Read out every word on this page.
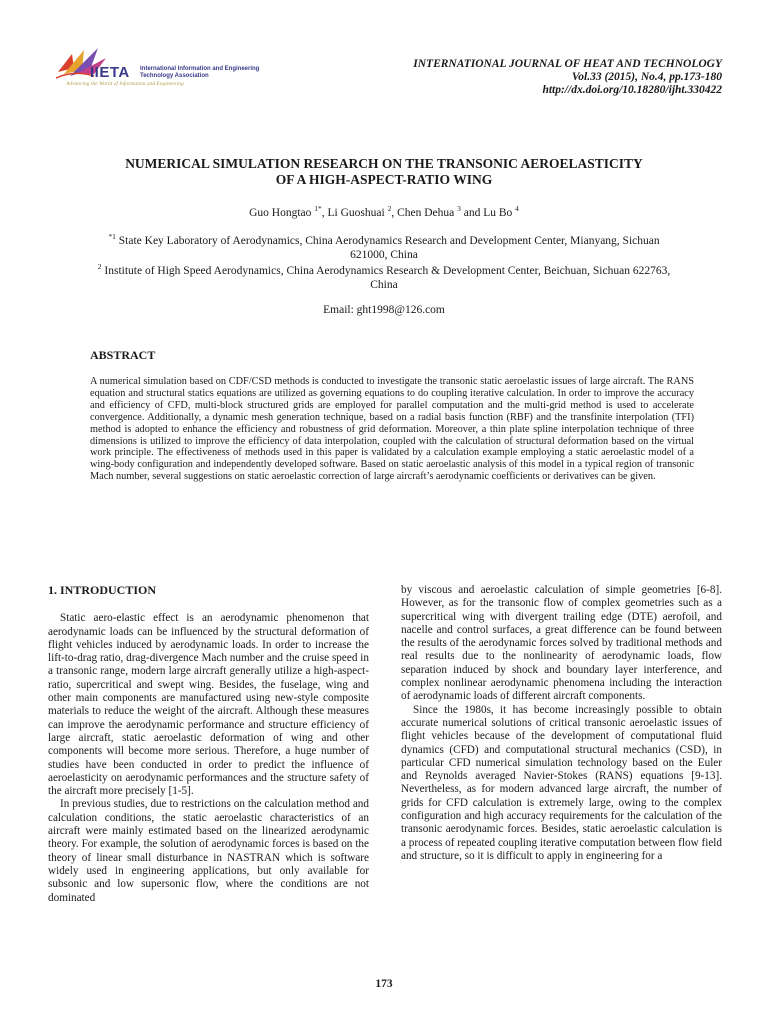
IIETA International Information and Engineering Technology Association
Advancing the World of Information and Engineering
INTERNATIONAL JOURNAL OF HEAT AND TECHNOLOGY
Vol.33 (2015), No.4, pp.173-180
http://dx.doi.org/10.18280/ijht.330422
NUMERICAL SIMULATION RESEARCH ON THE TRANSONIC AEROELASTICITY
OF A HIGH-ASPECT-RATIO WING
Guo Hongtao $^{1*}$, Li Guoshuai $^2$, Chen Dehua $^3$ and Lu Bo $^4$

$^{*1}$ State Key Laboratory of Aerodynamics, China Aerodynamics Research and Development Center, Mianyang, Sichuan 621000, China

$^2$ Institute of High Speed Aerodynamics, China Aerodynamics Research & Development Center, Beichuan, Sichuan 622763, China

Email: ght1998@126.com
ABSTRACT

A numerical simulation based on CDF/CSD methods is conducted to investigate the transonic static aeroelastic issues of large aircraft. The RANS equation and structural statics equations are utilized as governing equations to do coupling iterative calculation. In order to improve the accuracy and efficiency of CFD, multi-block structured grids are employed for parallel computation and the multi-grid method is used to accelerate convergence. Additionally, a dynamic mesh generation technique, based on a radial basis function (RBF) and the transfinite interpolation (TFI) method is adopted to enhance the efficiency and robustness of grid deformation. Moreover, a thin plate spline interpolation technique of three dimensions is utilized to improve the efficiency of data interpolation, coupled with the calculation of structural deformation based on the virtual work principle. The effectiveness of methods used in this paper is validated by a calculation example employing a static aeroelastic model of a wing-body configuration and independently developed software. Based on static aeroelastic analysis of this model in a typical region of transonic Mach number, several suggestions on static aeroelastic correction of large aircraft’s aerodynamic coefficients or derivatives can be given.

1. INTRODUCTION

Static aero-elastic effect is an aerodynamic phenomenon that aerodynamic loads can be influenced by the structural deformation of flight vehicles induced by aerodynamic loads. In order to increase the lift-to-drag ratio, drag-divergence Mach number and the cruise speed in a transonic range, modern large aircraft generally utilize a high-aspect-ratio, supercritical and swept wing. Besides, the fuselage, wing and other main components are manufactured using new-style composite materials to reduce the weight of the aircraft. Although these measures can improve the aerodynamic performance and structure efficiency of large aircraft, static aeroelastic deformation of wing and other components will become more serious. Therefore, a huge number of studies have been conducted in order to predict the influence of aeroelasticity on aerodynamic performances and the structure safety of the aircraft more precisely [1-5].

In previous studies, due to restrictions on the calculation method and calculation conditions, the static aeroelastic characteristics of an aircraft were mainly estimated based on the linearized aerodynamic theory. For example, the solution of aerodynamic forces is based on the theory of linear small disturbance in NASTRAN which is software widely used in engineering applications, but only available for subsonic and low supersonic flow, where the conditions are not dominated

by viscous and aeroelastic calculation of simple geometries [6-8]. However, as for the transonic flow of complex geometries such as a supercritical wing with divergent trailing edge (DTE) aerofoil, and nacelle and control surfaces, a great difference can be found between the results of the aerodynamic forces solved by traditional methods and real results due to the nonlinearity of aerodynamic loads, flow separation induced by shock and boundary layer interference, and complex nonlinear aerodynamic phenomena including the interaction of aerodynamic loads of different aircraft components.

Since the 1980s, it has become increasingly possible to obtain accurate numerical solutions of critical transonic aeroelastic issues of flight vehicles because of the development of computational fluid dynamics (CFD) and computational structural mechanics (CSD), in particular CFD numerical simulation technology based on the Euler and Reynolds averaged Navier-Stokes (RANS) equations [9-13]. Nevertheless, as for modern advanced large aircraft, the number of grids for CFD calculation is extremely large, owing to the complex configuration and high accuracy requirements for the calculation of the transonic aerodynamic forces. Besides, static aeroelastic calculation is a process of repeated coupling iterative computation between flow field and structure, so it is difficult to apply in engineering for a

173
